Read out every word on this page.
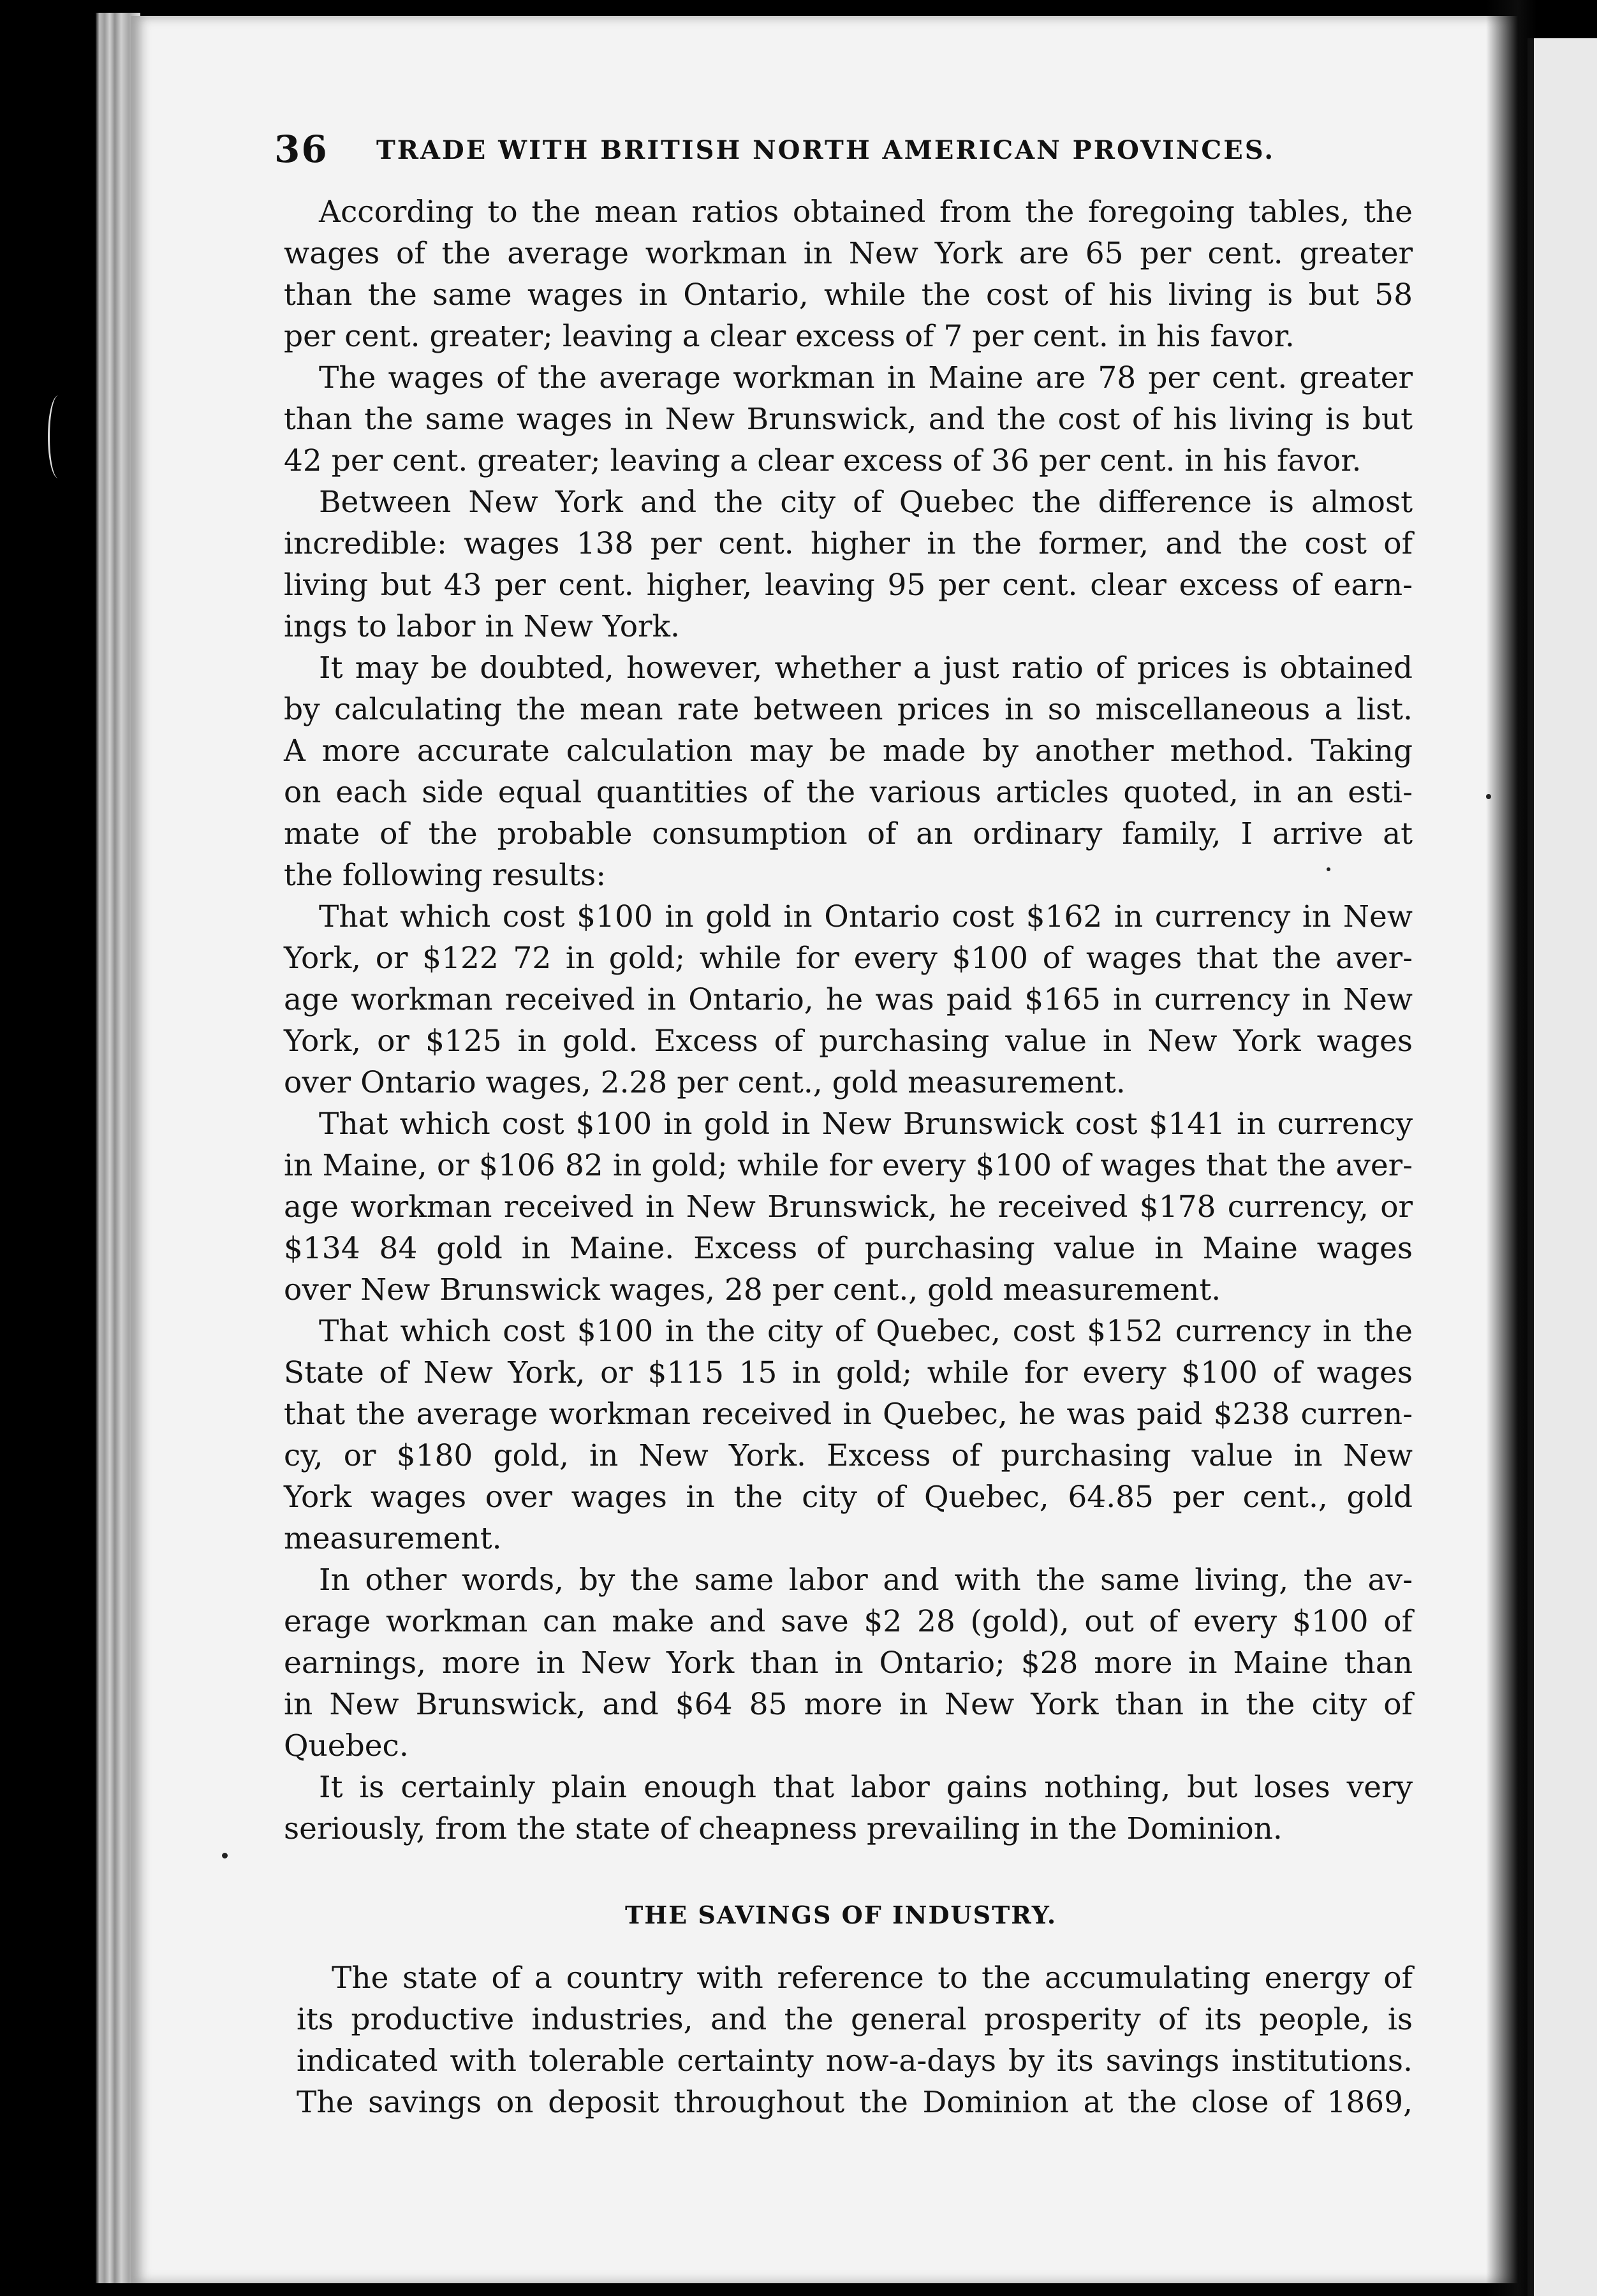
36 TRADE WITH BRITISH NORTH AMERICAN PROVINCES.
According to the mean ratios obtained from the foregoing tables, the
wages of the average workman in New York are 65 per cent. greater
than the same wages in Ontario, while the cost of his living is but 58
per cent. greater; leaving a clear excess of 7 per cent. in his favor.
The wages of the average workman in Maine are 78 per cent. greater
than the same wages in New Brunswick, and the cost of his living is but
42 per cent. greater; leaving a clear excess of 36 per cent. in his favor.
Between New York and the city of Quebec the difference is almost
incredible: wages 138 per cent. higher in the former, and the cost of
living but 43 per cent. higher, leaving 95 per cent. clear excess of earn-
ings to labor in New York.
It may be doubted, however, whether a just ratio of prices is obtained
by calculating the mean rate between prices in so miscellaneous a list.
A more accurate calculation may be made by another method. Taking
on each side equal quantities of the various articles quoted, in an esti-
mate of the probable consumption of an ordinary family, I arrive at
the following results:
That which cost $100 in gold in Ontario cost $162 in currency in New
York, or $122 72 in gold; while for every $100 of wages that the aver-
age workman received in Ontario, he was paid $165 in currency in New
York, or $125 in gold. Excess of purchasing value in New York wages
over Ontario wages, 2.28 per cent., gold measurement.
That which cost $100 in gold in New Brunswick cost $141 in currency
in Maine, or $106 82 in gold; while for every $100 of wages that the aver-
age workman received in New Brunswick, he received $178 currency, or
$134 84 gold in Maine. Excess of purchasing value in Maine wages
over New Brunswick wages, 28 per cent., gold measurement.
That which cost $100 in the city of Quebec, cost $152 currency in the
State of New York, or $115 15 in gold; while for every $100 of wages
that the average workman received in Quebec, he was paid $238 curren-
cy, or $180 gold, in New York. Excess of purchasing value in New
York wages over wages in the city of Quebec, 64.85 per cent., gold
measurement.
In other words, by the same labor and with the same living, the av-
erage workman can make and save $2 28 (gold), out of every $100 of
earnings, more in New York than in Ontario; $28 more in Maine than
in New Brunswick, and $64 85 more in New York than in the city of
Quebec.
It is certainly plain enough that labor gains nothing, but loses very
seriously, from the state of cheapness prevailing in the Dominion.
THE SAVINGS OF INDUSTRY.
The state of a country with reference to the accumulating energy of
its productive industries, and the general prosperity of its people, is
indicated with tolerable certainty now-a-days by its savings institutions.
The savings on deposit throughout the Dominion at the close of 1869,
